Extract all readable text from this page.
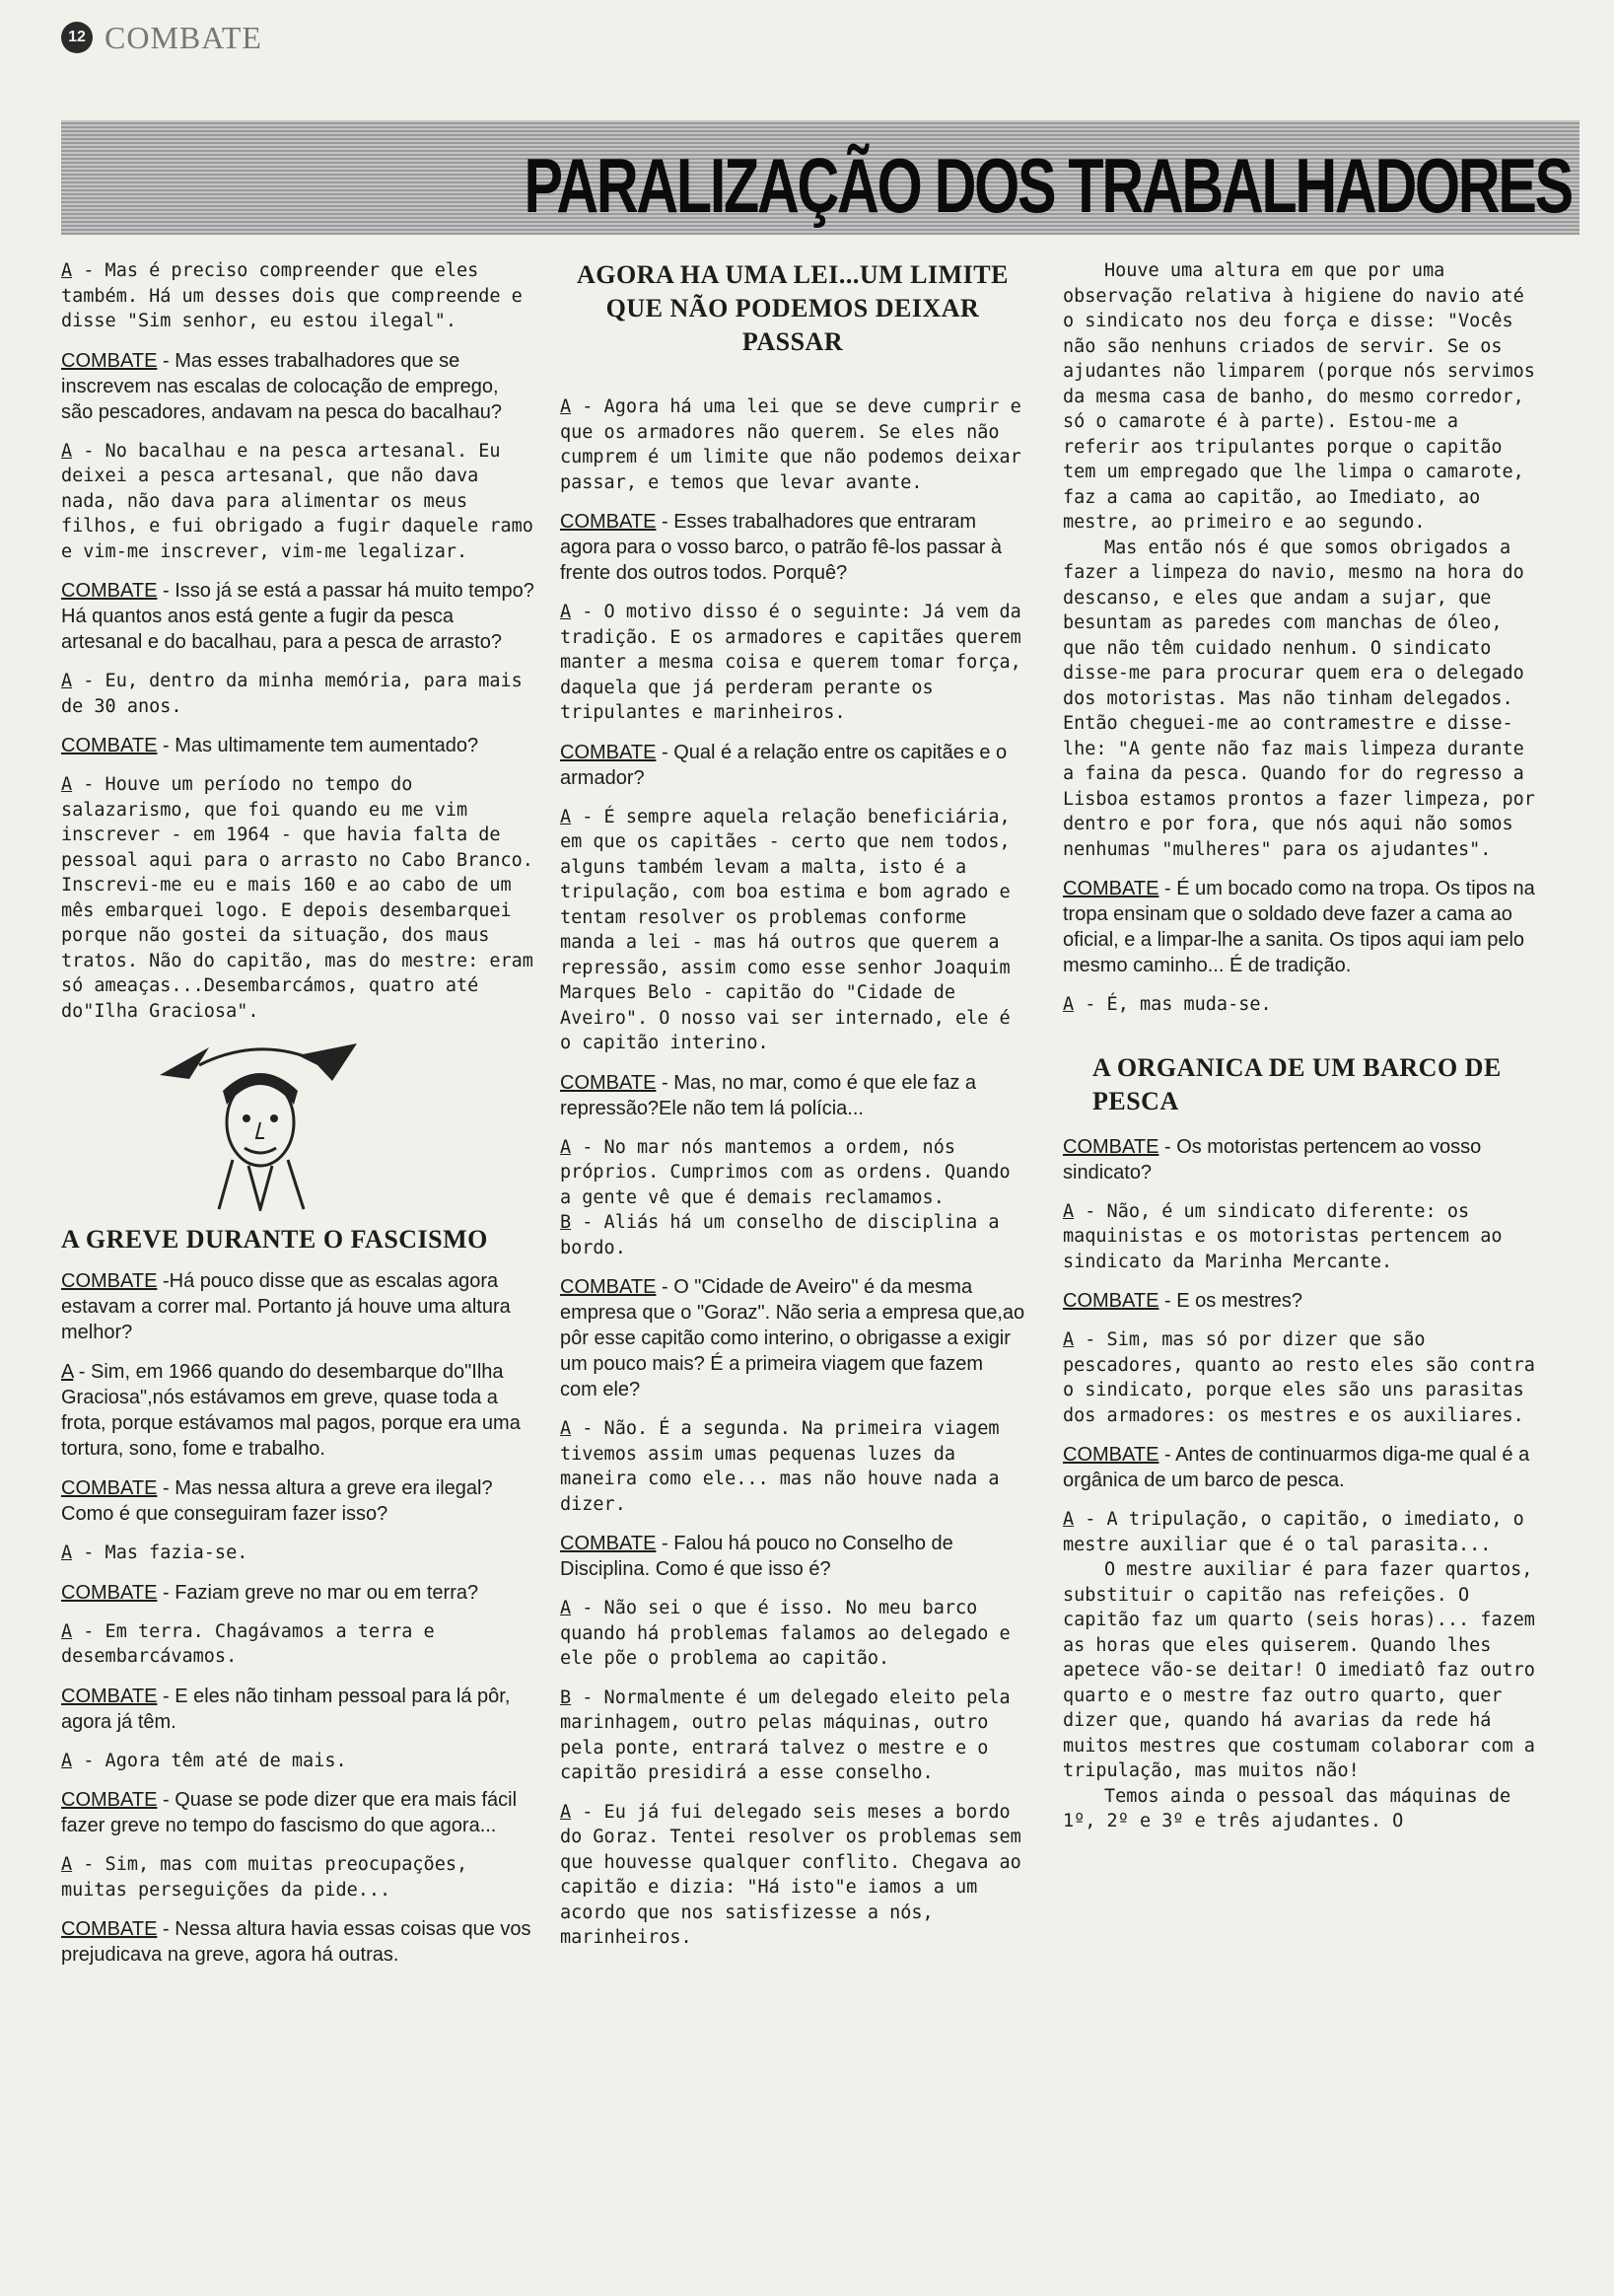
12 COMBATE
PARALIZAÇÃO DOS TRABALHADORES

A - Mas é preciso compreender que eles também. Há um desses dois que compreende e disse "Sim senhor, eu estou ilegal".

COMBATE - Mas esses trabalhadores que se inscrevem nas escalas de colocação de emprego, são pescadores, andavam na pesca do bacalhau?

A - No bacalhau e na pesca artesanal. Eu deixei a pesca artesanal, que não dava nada, não dava para alimentar os meus filhos, e fui obrigado a fugir daquele ramo e vim-me inscrever, vim-me legalizar.

COMBATE - Isso já se está a passar há muito tempo? Há quantos anos está gente a fugir da pesca artesanal e do bacalhau, para a pesca de arrasto?

A - Eu, dentro da minha memória, para mais de 30 anos.

COMBATE - Mas ultimamente tem aumentado?

A - Houve um período no tempo do salazarismo, que foi quando eu me vim inscrever - em 1964 - que havia falta de pessoal aqui para o arrasto no Cabo Branco. Inscrevi-me eu e mais 160 e ao cabo de um mês embarquei logo. E depois desembarquei porque não gostei da situação, dos maus tratos. Não do capitão, mas do mestre: eram só ameaças...Desembarcámos, quatro até do"Ilha Graciosa".

A GREVE DURANTE O FASCISMO

COMBATE -Há pouco disse que as escalas agora estavam a correr mal. Portanto já houve uma altura melhor?

A - Sim, em 1966 quando do desembarque do"Ilha Graciosa",nós estávamos em greve, quase toda a frota, porque estávamos mal pagos, porque era uma tortura, sono, fome e trabalho.

COMBATE - Mas nessa altura a greve era ilegal? Como é que conseguiram fazer isso?

A - Mas fazia-se.

COMBATE - Faziam greve no mar ou em terra?

A - Em terra. Chagávamos a terra e desembarcávamos.

COMBATE - E eles não tinham pessoal para lá pôr, agora já têm.

A - Agora têm até de mais.

COMBATE - Quase se pode dizer que era mais fácil fazer greve no tempo do fascismo do que agora...

A - Sim, mas com muitas preocupações, muitas perseguições da pide...

COMBATE - Nessa altura havia essas coisas que vos prejudicava na greve, agora há outras.

AGORA HA UMA LEI...UM LIMITE QUE NÃO PODEMOS DEIXAR PASSAR

A - Agora há uma lei que se deve cumprir e que os armadores não querem. Se eles não cumprem é um limite que não podemos deixar passar, e temos que levar avante.

COMBATE - Esses trabalhadores que entraram agora para o vosso barco, o patrão fê-los passar à frente dos outros todos. Porquê?

A - O motivo disso é o seguinte: Já vem da tradição. E os armadores e capitães querem manter a mesma coisa e querem tomar força, daquela que já perderam perante os tripulantes e marinheiros.

COMBATE - Qual é a relação entre os capitães e o armador?

A - É sempre aquela relação beneficiária, em que os capitães - certo que nem todos, alguns também levam a malta, isto é a tripulação, com boa estima e bom agrado e tentam resolver os problemas conforme manda a lei - mas há outros que querem a repressão, assim como esse senhor Joaquim Marques Belo - capitão do "Cidade de Aveiro". O nosso vai ser internado, ele é o capitão interino.

COMBATE - Mas, no mar, como é que ele faz a repressão?Ele não tem lá polícia...

A - No mar nós mantemos a ordem, nós próprios. Cumprimos com as ordens. Quando a gente vê que é demais reclamamos.

B - Aliás há um conselho de disciplina a bordo.

COMBATE - O "Cidade de Aveiro" é da mesma empresa que o "Goraz". Não seria a empresa que,ao pôr esse capitão como interino, o obrigasse a exigir um pouco mais? É a primeira viagem que fazem com ele?

A - Não. É a segunda. Na primeira viagem tivemos assim umas pequenas luzes da maneira como ele... mas não houve nada a dizer.

COMBATE - Falou há pouco no Conselho de Disciplina. Como é que isso é?

A - Não sei o que é isso. No meu barco quando há problemas falamos ao delegado e ele põe o problema ao capitão.

B - Normalmente é um delegado eleito pela marinhagem, outro pelas máquinas, outro pela ponte, entrará talvez o mestre e o capitão presidirá a esse conselho.

A - Eu já fui delegado seis meses a bordo do Goraz. Tentei resolver os problemas sem que houvesse qualquer conflito. Chegava ao capitão e dizia: "Há isto"e iamos a um acordo que nos satisfizesse a nós, marinheiros.

Houve uma altura em que por uma observação relativa à higiene do navio até o sindicato nos deu força e disse: "Vocês não são nenhuns criados de servir. Se os ajudantes não limparem (porque nós servimos da mesma casa de banho, do mesmo corredor, só o camarote é à parte). Estou-me a referir aos tripulantes porque o capitão tem um empregado que lhe limpa o camarote, faz a cama ao capitão, ao Imediato, ao mestre, ao primeiro e ao segundo.

Mas então nós é que somos obrigados a fazer a limpeza do navio, mesmo na hora do descanso, e eles que andam a sujar, que besuntam as paredes com manchas de óleo, que não têm cuidado nenhum. O sindicato disse-me para procurar quem era o delegado dos motoristas. Mas não tinham delegados. Então cheguei-me ao contramestre e disse-lhe: "A gente não faz mais limpeza durante a faina da pesca. Quando for do regresso a Lisboa estamos prontos a fazer limpeza, por dentro e por fora, que nós aqui não somos nenhumas "mulheres" para os ajudantes".

COMBATE - É um bocado como na tropa. Os tipos na tropa ensinam que o soldado deve fazer a cama ao oficial, e a limpar-lhe a sanita. Os tipos aqui iam pelo mesmo caminho... É de tradição.

A - É, mas muda-se.

A ORGANICA DE UM BARCO DE PESCA

COMBATE - Os motoristas pertencem ao vosso sindicato?

A - Não, é um sindicato diferente: os maquinistas e os motoristas pertencem ao sindicato da Marinha Mercante.

COMBATE - E os mestres?

A - Sim, mas só por dizer que são pescadores, quanto ao resto eles são contra o sindicato, porque eles são uns parasitas dos armadores: os mestres e os auxiliares.

COMBATE - Antes de continuarmos diga-me qual é a orgânica de um barco de pesca.

A - A tripulação, o capitão, o imediato, o mestre auxiliar que é o tal parasita...

O mestre auxiliar é para fazer quartos, substituir o capitão nas refeições. O capitão faz um quarto (seis horas)... fazem as horas que eles quiserem. Quando lhes apetece vão-se deitar! O imediatô faz outro quarto e o mestre faz outro quarto, quer dizer que, quando há avarias da rede há muitos mestres que costumam colaborar com a tripulação, mas muitos não!

Temos ainda o pessoal das máquinas de 1º, 2º e 3º e três ajudantes. O
